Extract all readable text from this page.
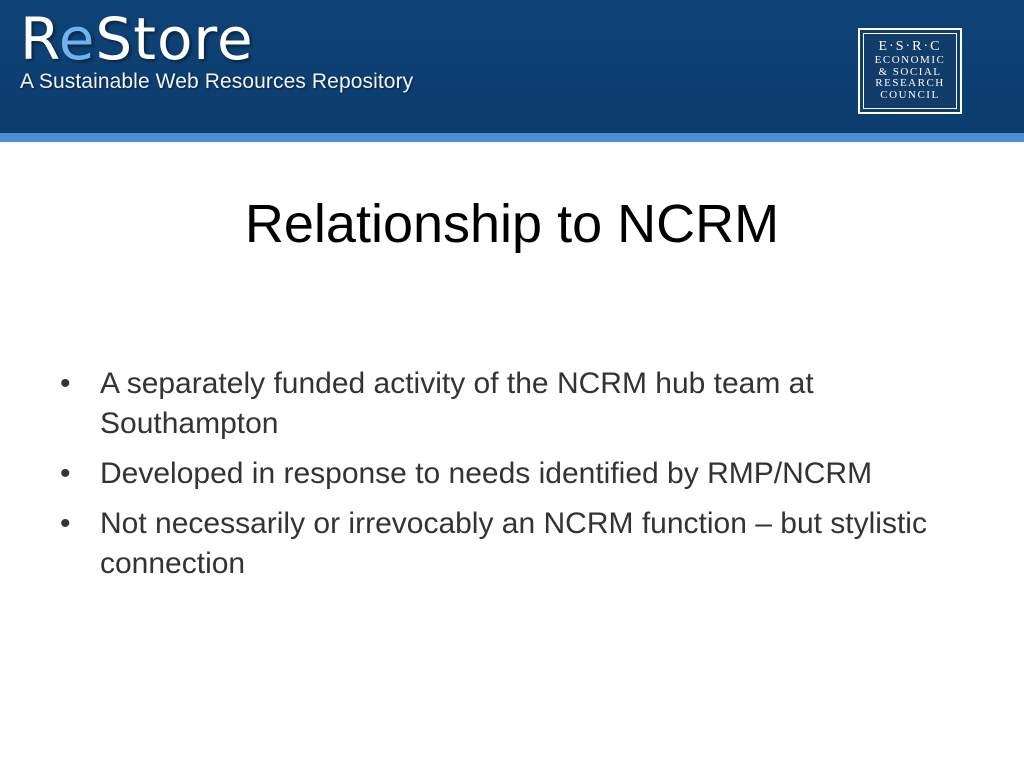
ReStore
A Sustainable Web Resources Repository
E·S·R·C
ECONOMIC
& SOCIAL
RESEARCH
COUNCIL
Relationship to NCRM
• A separately funded activity of the NCRM hub team at Southampton
• Developed in response to needs identified by RMP/NCRM
• Not necessarily or irrevocably an NCRM function – but stylistic connection
